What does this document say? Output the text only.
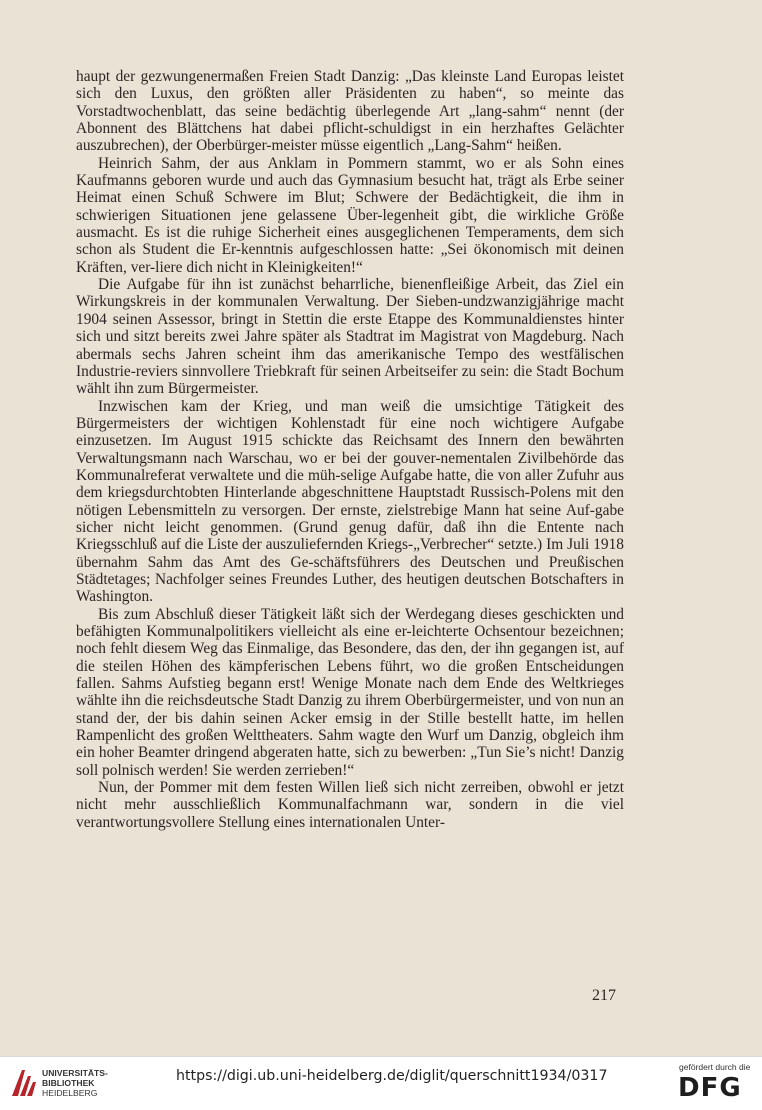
haupt der gezwungenermaßen Freien Stadt Danzig: „Das kleinste Land Europas leistet sich den Luxus, den größten aller Präsidenten zu haben“, so meinte das Vorstadtwochenblatt, das seine bedächtig überlegende Art „lang-sahm“ nennt (der Abonnent des Blättchens hat dabei pflicht-schuldigst in ein herzhaftes Gelächter auszubrechen), der Oberbürger-meister müsse eigentlich „Lang-Sahm“ heißen.

Heinrich Sahm, der aus Anklam in Pommern stammt, wo er als Sohn eines Kaufmanns geboren wurde und auch das Gymnasium besucht hat, trägt als Erbe seiner Heimat einen Schuß Schwere im Blut; Schwere der Bedächtigkeit, die ihm in schwierigen Situationen jene gelassene Über-legenheit gibt, die wirkliche Größe ausmacht. Es ist die ruhige Sicherheit eines ausgeglichenen Temperaments, dem sich schon als Student die Er-kenntnis aufgeschlossen hatte: „Sei ökonomisch mit deinen Kräften, ver-liere dich nicht in Kleinigkeiten!“

Die Aufgabe für ihn ist zunächst beharrliche, bienenfleißige Arbeit, das Ziel ein Wirkungskreis in der kommunalen Verwaltung. Der Sieben-undzwanzigjährige macht 1904 seinen Assessor, bringt in Stettin die erste Etappe des Kommunaldienstes hinter sich und sitzt bereits zwei Jahre später als Stadtrat im Magistrat von Magdeburg. Nach abermals sechs Jahren scheint ihm das amerikanische Tempo des westfälischen Industrie-reviers sinnvollere Triebkraft für seinen Arbeitseifer zu sein: die Stadt Bochum wählt ihn zum Bürgermeister.

Inzwischen kam der Krieg, und man weiß die umsichtige Tätigkeit des Bürgermeisters der wichtigen Kohlenstadt für eine noch wichtigere Aufgabe einzusetzen. Im August 1915 schickte das Reichsamt des Innern den bewährten Verwaltungsmann nach Warschau, wo er bei der gouver-nementalen Zivilbehörde das Kommunalreferat verwaltete und die müh-selige Aufgabe hatte, die von aller Zufuhr aus dem kriegsdurchtobten Hinterlande abgeschnittene Hauptstadt Russisch-Polens mit den nötigen Lebensmitteln zu versorgen. Der ernste, zielstrebige Mann hat seine Auf-gabe sicher nicht leicht genommen. (Grund genug dafür, daß ihn die Entente nach Kriegsschluß auf die Liste der auszuliefernden Kriegs-„Verbrecher“ setzte.) Im Juli 1918 übernahm Sahm das Amt des Ge-schäftsführers des Deutschen und Preußischen Städtetages; Nachfolger seines Freundes Luther, des heutigen deutschen Botschafters in Washington.

Bis zum Abschluß dieser Tätigkeit läßt sich der Werdegang dieses geschickten und befähigten Kommunalpolitikers vielleicht als eine er-leichterte Ochsentour bezeichnen; noch fehlt diesem Weg das Einmalige, das Besondere, das den, der ihn gegangen ist, auf die steilen Höhen des kämpferischen Lebens führt, wo die großen Entscheidungen fallen. Sahms Aufstieg begann erst! Wenige Monate nach dem Ende des Weltkrieges wählte ihn die reichsdeutsche Stadt Danzig zu ihrem Oberbürgermeister, und von nun an stand der, der bis dahin seinen Acker emsig in der Stille bestellt hatte, im hellen Rampenlicht des großen Welttheaters. Sahm wagte den Wurf um Danzig, obgleich ihm ein hoher Beamter dringend abgeraten hatte, sich zu bewerben: „Tun Sie’s nicht! Danzig soll polnisch werden! Sie werden zerrieben!“

Nun, der Pommer mit dem festen Willen ließ sich nicht zerreiben, obwohl er jetzt nicht mehr ausschließlich Kommunalfachmann war, sondern in die viel verantwortungsvollere Stellung eines internationalen Unter-

217
UNIVERSITÄTS-
BIBLIOTHEK
HEIDELBERG
https://digi.ub.uni-heidelberg.de/diglit/querschnitt1934/0317
gefördert durch die
DFG
